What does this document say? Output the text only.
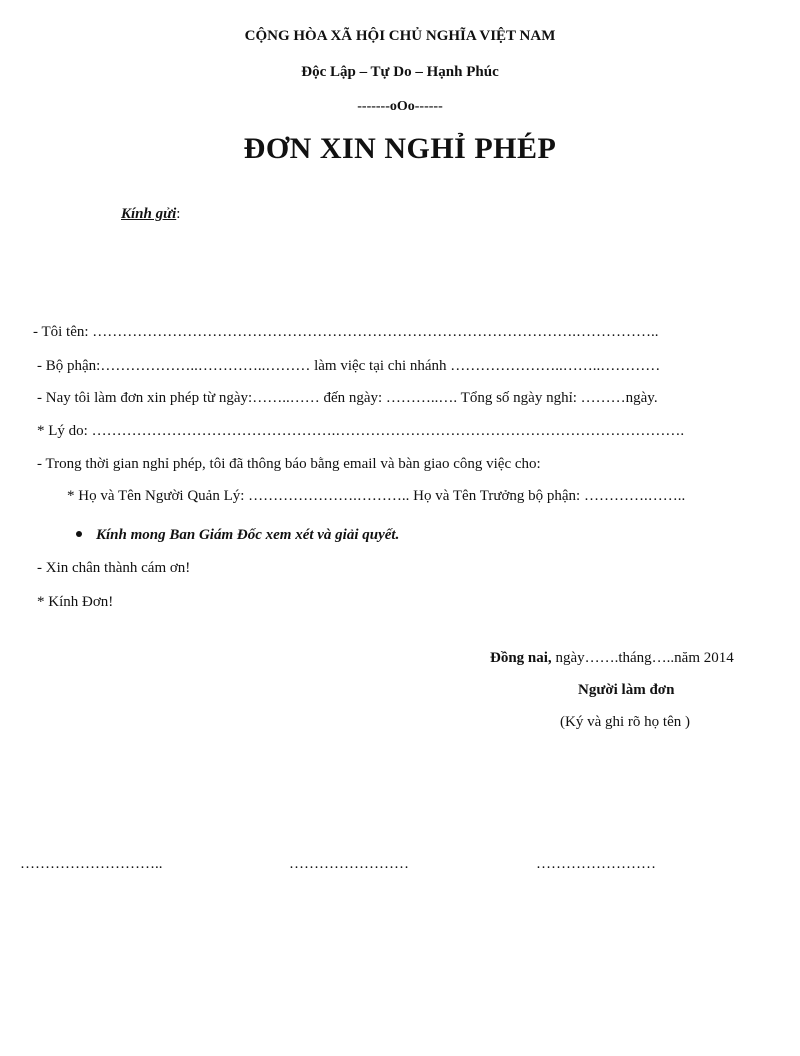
CỘNG HÒA XÃ HỘI CHỦ NGHĨA VIỆT NAM
Độc Lập – Tự Do – Hạnh Phúc
-------oOo------
ĐƠN XIN NGHỈ PHÉP
Kính gửi:
- Tôi tên: …………………………………………………………………………………….……………..
- Bộ phận:………………..…………..……… làm việc tại chi nhánh …………………..……..…………
- Nay tôi làm đơn xin phép từ ngày:……..…… đến ngày: ………..…. Tổng số ngày nghỉ: ………ngày.
* Lý do: ………………………………………….…………………………………………………………….
- Trong thời gian nghỉ phép, tôi đã thông báo bằng email và bàn giao công việc cho:
* Họ và Tên Người Quản Lý: ………………….……….. Họ và Tên Trưởng bộ phận: ………….……..
Kính mong Ban Giám Đốc xem xét và giải quyết.
- Xin chân thành cám ơn!
* Kính Đơn!
Đồng nai, ngày…….tháng…..năm 2014
Người làm đơn
(Ký và ghi rõ họ tên )
………………………..	……………………	……………………
